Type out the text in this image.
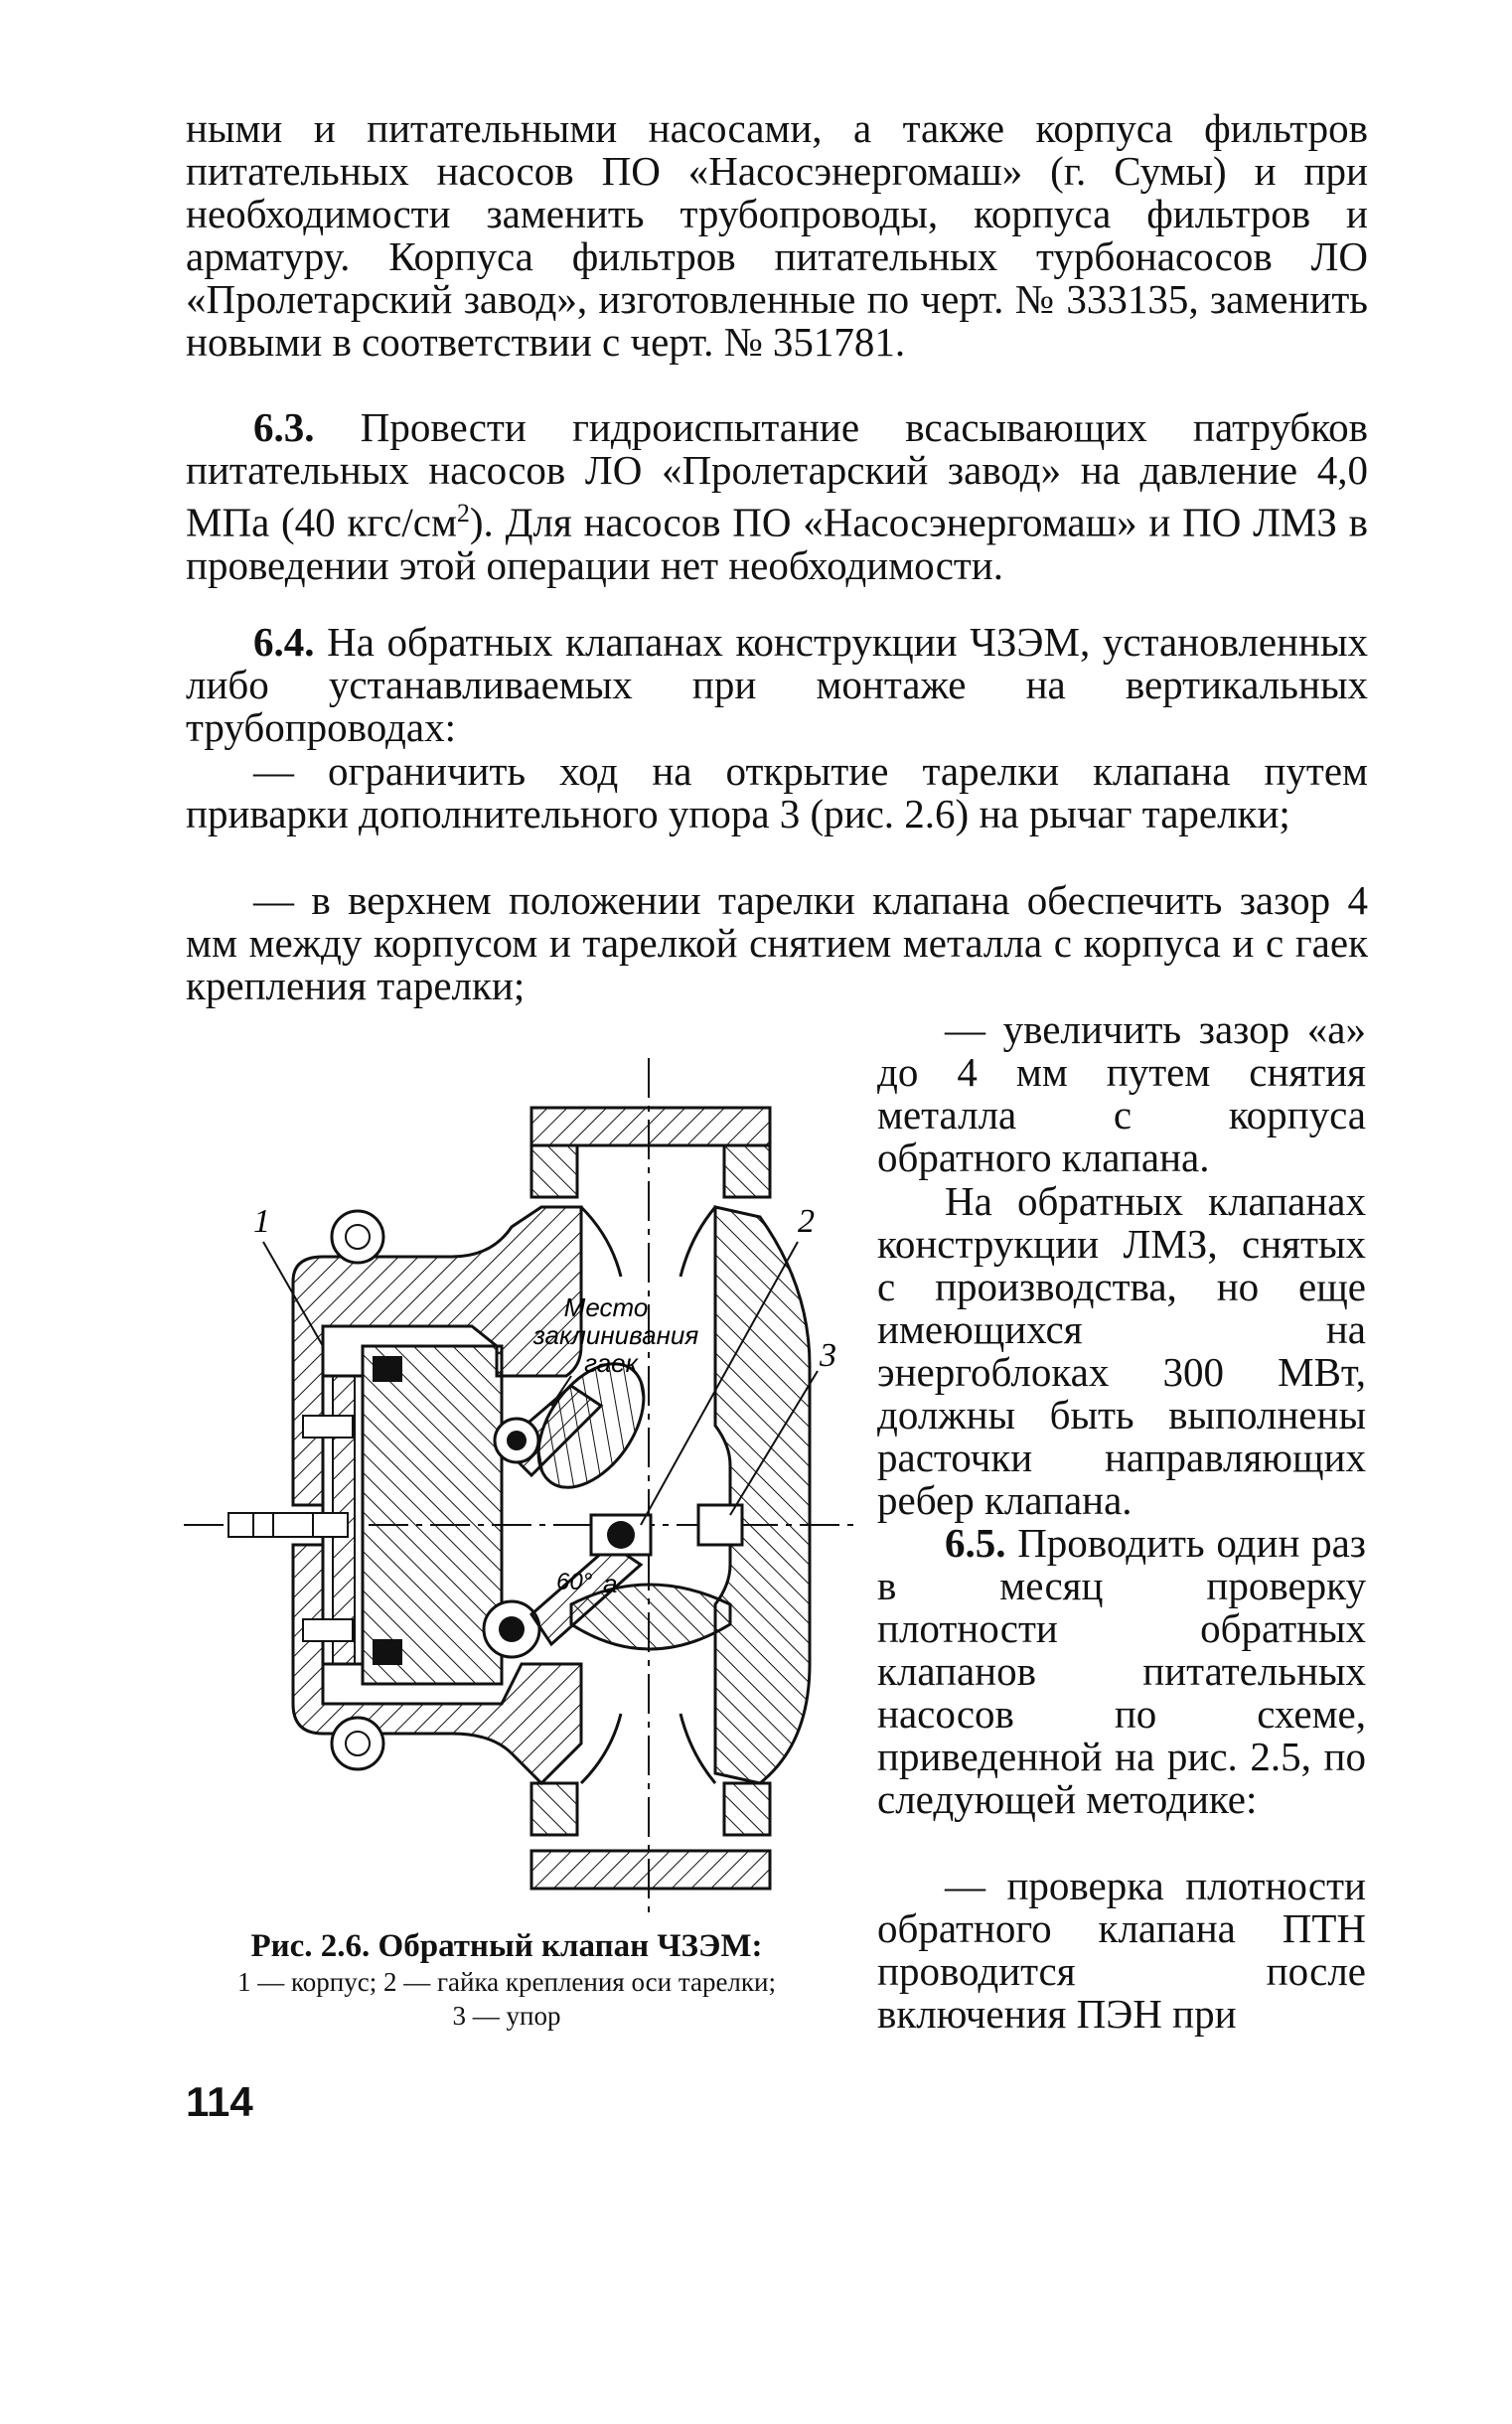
ными и питательными насосами, а также корпуса фильтров питательных насосов ПО «Насосэнергомаш» (г. Сумы) и при необходимости заменить трубопроводы, корпуса фильтров и арматуру. Корпуса фильтров питательных турбонасосов ЛО «Пролетарский завод», изготовленные по черт. № 333135, заменить новыми в соответствии с черт. № 351781.

6.3. Провести гидроиспытание всасывающих патрубков питательных насосов ЛО «Пролетарский завод» на давление 4,0 МПа (40 кгс/$см^2$). Для насосов ПО «Насосэнергомаш» и ПО ЛМЗ в проведении этой операции нет необходимости.

6.4. На обратных клапанах конструкции ЧЗЭМ, установленных либо устанавливаемых при монтаже на вертикальных трубопроводах:

— ограничить ход на открытие тарелки клапана путем приварки дополнительного упора 3 (рис. 2.6) на рычаг тарелки;

— в верхнем положении тарелки клапана обеспечить зазор 4 мм между корпусом и тарелкой снятием металла с корпуса и с гаек крепления тарелки;

— увеличить зазор «а» до 4 мм путем снятия металла с корпуса обратного клапана.

На обратных клапанах конструкции ЛМЗ, снятых с производства, но еще имеющихся на энергоблоках 300 МВт, должны быть выполнены расточки направляющих ребер клапана.

6.5. Проводить один раз в месяц проверку плотности обратных клапанов питательных насосов по схеме, приведенной на рис. 2.5, по следующей методике:

— проверка плотности обратного клапана ПТН проводится после включения ПЭН при

Место
заклинивания
гаек
60° a
1	2
3
Рис. 2.6. Обратный клапан ЧЗЭМ:
1 — корпус; 2 — гайка крепления оси тарелки;
3 — упор
114
